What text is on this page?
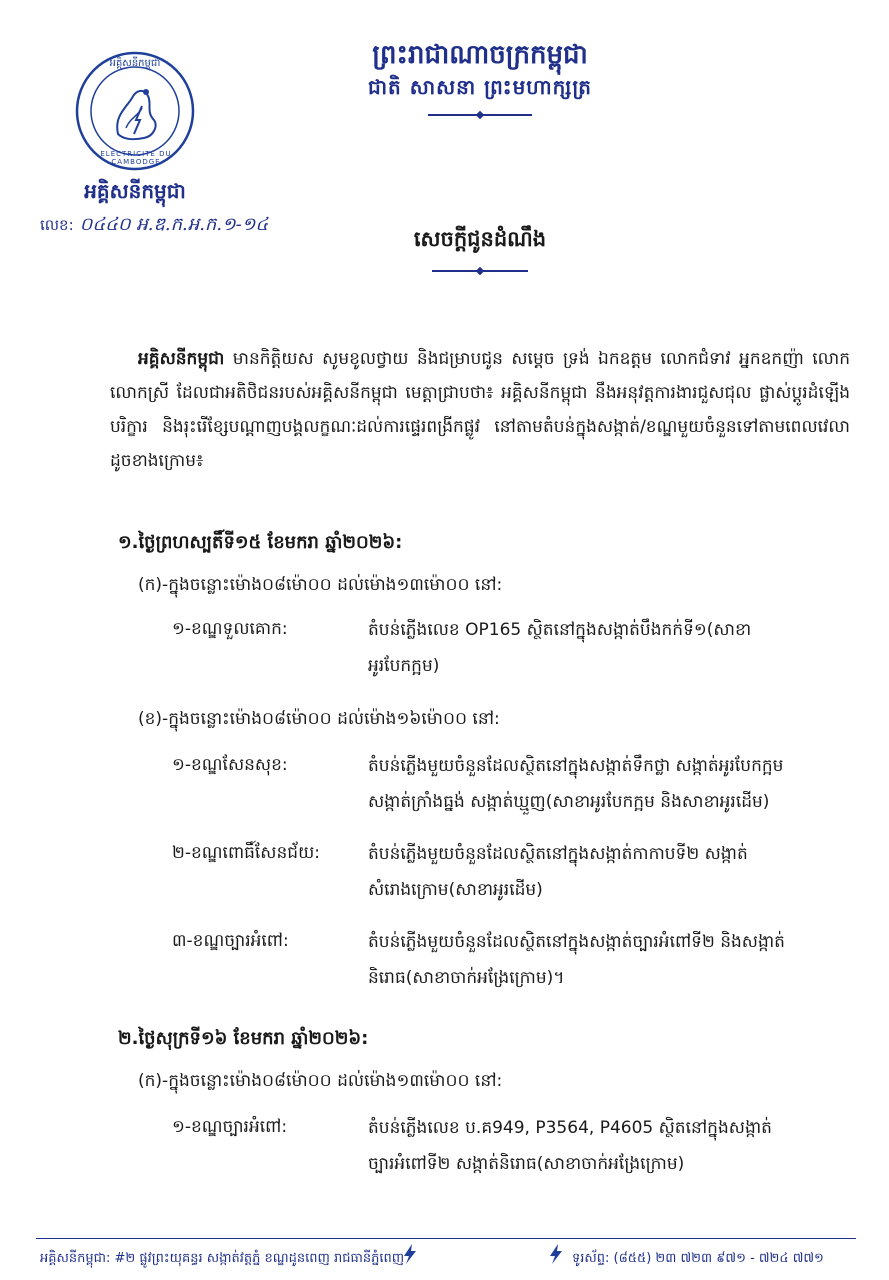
ព្រះរាជាណាចក្រកម្ពុជា
ជាតិ សាសនា ព្រះមហាក្សត្រ
ELECTRICITE DU CAMBODGE
អគ្គិសនីកម្ពុជា
អគ្គិសនីកម្ពុជា
លេខ: ០៤៤០ អ.ឌ.ក.អ.ក.១-១៤
សេចក្តីជូនដំណឹង
អគ្គិសនីកម្ពុជា មានកិត្តិយស សូមខូលថ្វាយ និងជម្រាបជូន សម្តេច ទ្រង់ ឯកឧត្តម លោកជំទាវ អ្នកឧកញ៉ា លោក លោកស្រី ដែលជាអតិថិជនរបស់អគ្គិសនីកម្ពុជា មេត្តាជ្រាបថា៖ អគ្គិសនីកម្ពុជា នឹងអនុវត្តការងារជួសជុល ផ្លាស់ប្តូរដំឡើងបរិក្ខារ និងរុះរើខ្សែបណ្តាញបង្គលក្ខណៈដល់ការផ្ទេរពង្រីកផ្លូវ នៅតាមតំបន់ក្នុងសង្កាត់/ខណ្ឌមួយចំនួនទៅតាមពេលវេលាដូចខាងក្រោម៖
១.ថ្ងៃព្រហស្បតិ៍ទី១៥ ខែមករា ឆ្នាំ២០២៦:
(ក)-ក្នុងចន្លោះម៉ោង០៨ម៉ោ០០ ដល់ម៉ោង១៣ម៉ោ០០ នៅ:
១-ខណ្ឌទួលគោក:	តំបន់ភ្លើងលេខ OP165 ស្ថិតនៅក្នុងសង្កាត់បឹងកក់ទី១(សាខា
អូរបែកក្អម)
(ខ)-ក្នុងចន្លោះម៉ោង០៨ម៉ោ០០ ដល់ម៉ោង១៦ម៉ោ០០ នៅ:
១-ខណ្ឌសែនសុខ:	តំបន់ភ្លើងមួយចំនួនដែលស្ថិតនៅក្នុងសង្កាត់ទឹកថ្លា សង្កាត់អូរបែកក្អម
សង្កាត់ក្រាំងធ្នង់ សង្កាត់ឃ្មួញ(សាខាអូរបែកក្អម និងសាខាអូរដើម)
២-ខណ្ឌពោធិ៍សែនជ័យ:	តំបន់ភ្លើងមួយចំនួនដែលស្ថិតនៅក្នុងសង្កាត់កាកាបទី២ សង្កាត់
សំរោងក្រោម(សាខាអូរដើម)
៣-ខណ្ឌច្បារអំពៅ:	តំបន់ភ្លើងមួយចំនួនដែលស្ថិតនៅក្នុងសង្កាត់ច្បារអំពៅទី២ និងសង្កាត់
និរោធ(សាខាចាក់អង្រែក្រោម)។
២.ថ្ងៃសុក្រទី១៦ ខែមករា ឆ្នាំ២០២៦:
(ក)-ក្នុងចន្លោះម៉ោង០៨ម៉ោ០០ ដល់ម៉ោង១៣ម៉ោ០០ នៅ:
១-ខណ្ឌច្បារអំពៅ:	តំបន់ភ្លើងលេខ ប.គ949, P3564, P4605 ស្ថិតនៅក្នុងសង្កាត់
ច្បារអំពៅទី២ សង្កាត់និរោធ(សាខាចាក់អង្រែក្រោម)
អគ្គិសនីកម្ពុជា: #២ ផ្លូវព្រះយុគន្ធរ សង្កាត់វត្តភ្នំ ខណ្ឌដូនពេញ រាជធានីភ្នំពេញ	ទូរស័ព្ទ: (៨៥៥) ២៣ ៧២៣ ៩៧១ - ៧២៤ ៧៧១
